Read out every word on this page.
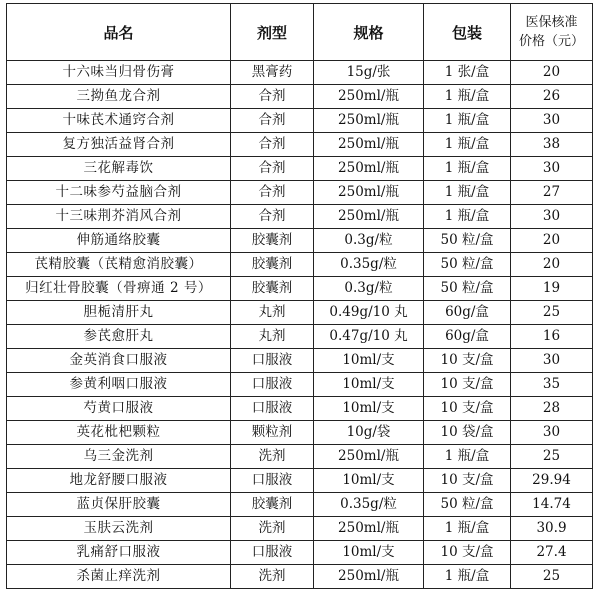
品名	剂型	规格	包装	医保核准
价格（元）

十六味当归骨伤膏	黑膏药	15g/张	1 张/盒	20
三拗鱼龙合剂	合剂	250ml/瓶	1 瓶/盒	26
十味芪术通窍合剂	合剂	250ml/瓶	1 瓶/盒	30
复方独活益肾合剂	合剂	250ml/瓶	1 瓶/盒	38
三花解毒饮	合剂	250ml/瓶	1 瓶/盒	30
十二味参芍益脑合剂	合剂	250ml/瓶	1 瓶/盒	27
十三味荆芥消风合剂	合剂	250ml/瓶	1 瓶/盒	30
伸筋通络胶囊	胶囊剂	0.3g/粒	50 粒/盒	20
芪精胶囊（芪精愈消胶囊）	胶囊剂	0.35g/粒	50 粒/盒	20
归红壮骨胶囊（骨痹通 2 号）	胶囊剂	0.3g/粒	50 粒/盒	19
胆栀清肝丸	丸剂	0.49g/10 丸	60g/盒	25
参芪愈肝丸	丸剂	0.47g/10 丸	60g/盒	16
金英消食口服液	口服液	10ml/支	10 支/盒	30
参黄利咽口服液	口服液	10ml/支	10 支/盒	35
芍黄口服液	口服液	10ml/支	10 支/盒	28
英花枇杷颗粒	颗粒剂	10g/袋	10 袋/盒	30
乌三金洗剂	洗剂	250ml/瓶	1 瓶/盒	25
地龙舒腰口服液	口服液	10ml/支	10 支/盒	29.94
蓝贞保肝胶囊	胶囊剂	0.35g/粒	50 粒/盒	14.74
玉肤云洗剂	洗剂	250ml/瓶	1 瓶/盒	30.9
乳痛舒口服液	口服液	10ml/支	10 支/盒	27.4
杀菌止痒洗剂	洗剂	250ml/瓶	1 瓶/盒	25
